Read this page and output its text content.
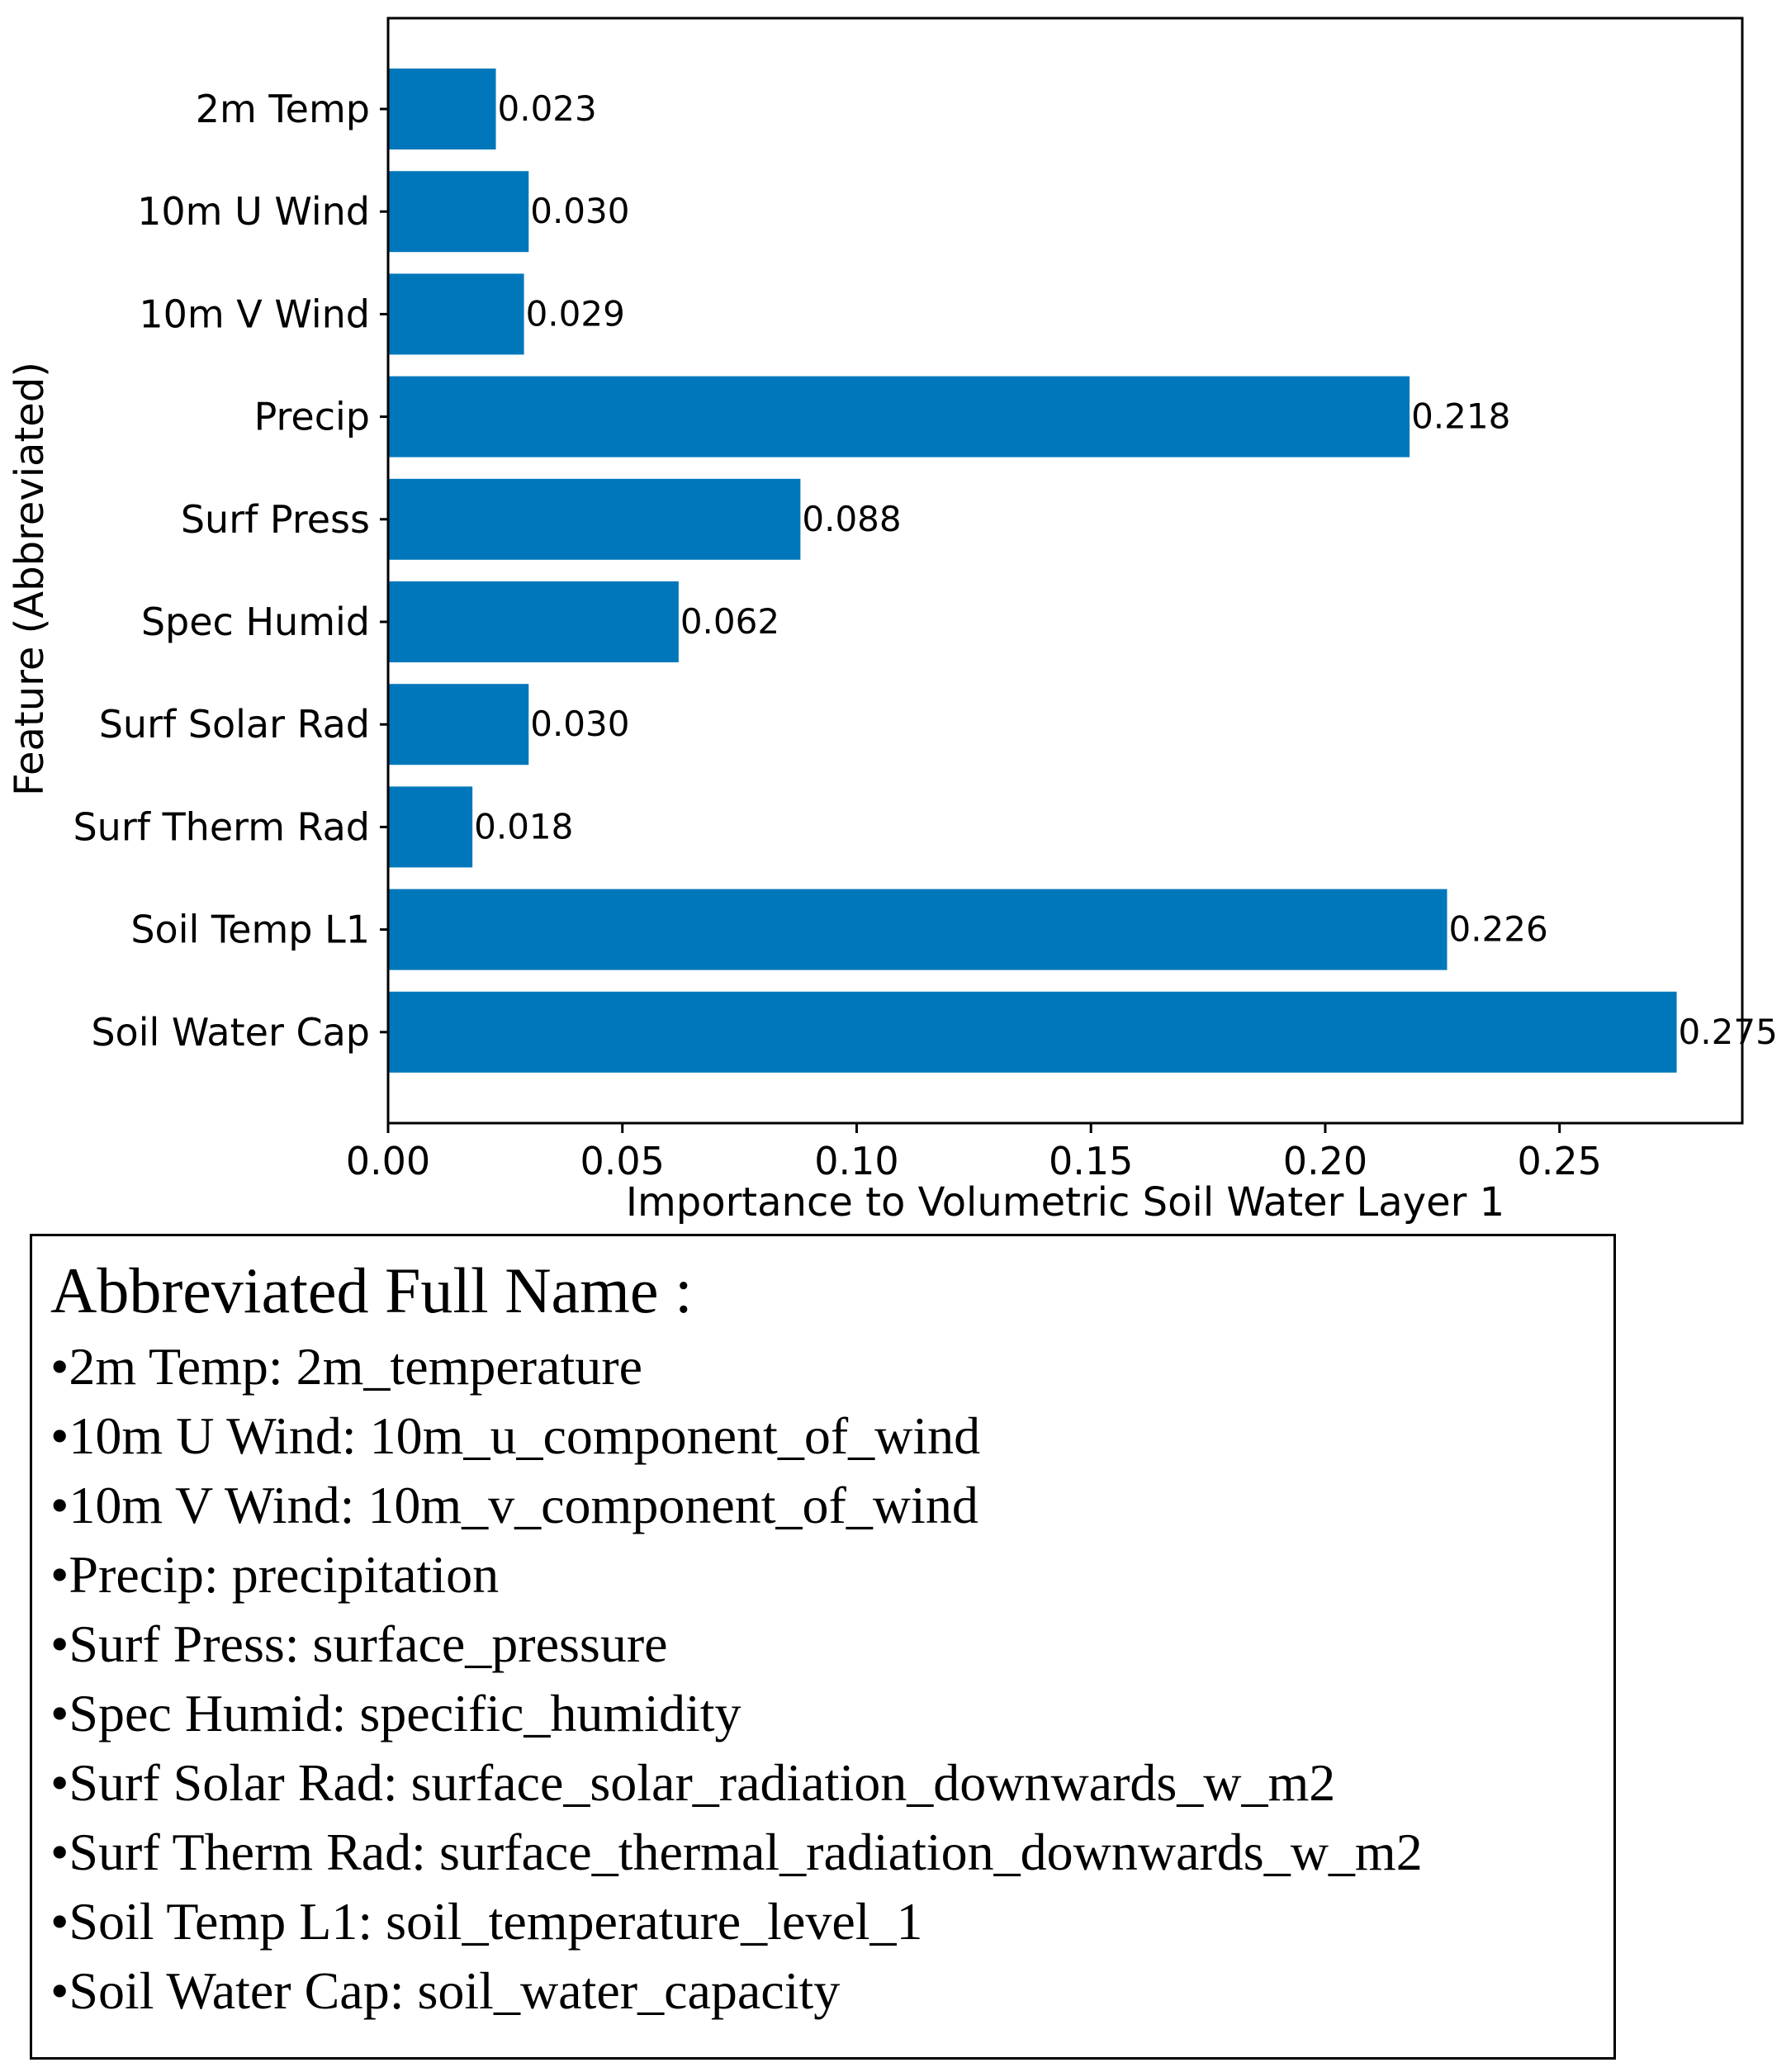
0.023
0.030
0.029
0.218
0.088
0.062
0.030
0.018
0.226
0.275
2m Temp
10m U Wind
10m V Wind
Precip
Surf Press
Spec Humid
Surf Solar Rad
Surf Therm Rad
Soil Temp L1
Soil Water Cap
0.00	0.05	0.10	0.15	0.20	0.25
Importance to Volumetric Soil Water Layer 1
Feature (Abbreviated)
Abbreviated Full Name :
•2m Temp: 2m_temperature
•10m U Wind: 10m_u_component_of_wind
•10m V Wind: 10m_v_component_of_wind
•Precip: precipitation
•Surf Press: surface_pressure
•Spec Humid: specific_humidity
•Surf Solar Rad: surface_solar_radiation_downwards_w_m2
•Surf Therm Rad: surface_thermal_radiation_downwards_w_m2
•Soil Temp L1: soil_temperature_level_1
•Soil Water Cap: soil_water_capacity
